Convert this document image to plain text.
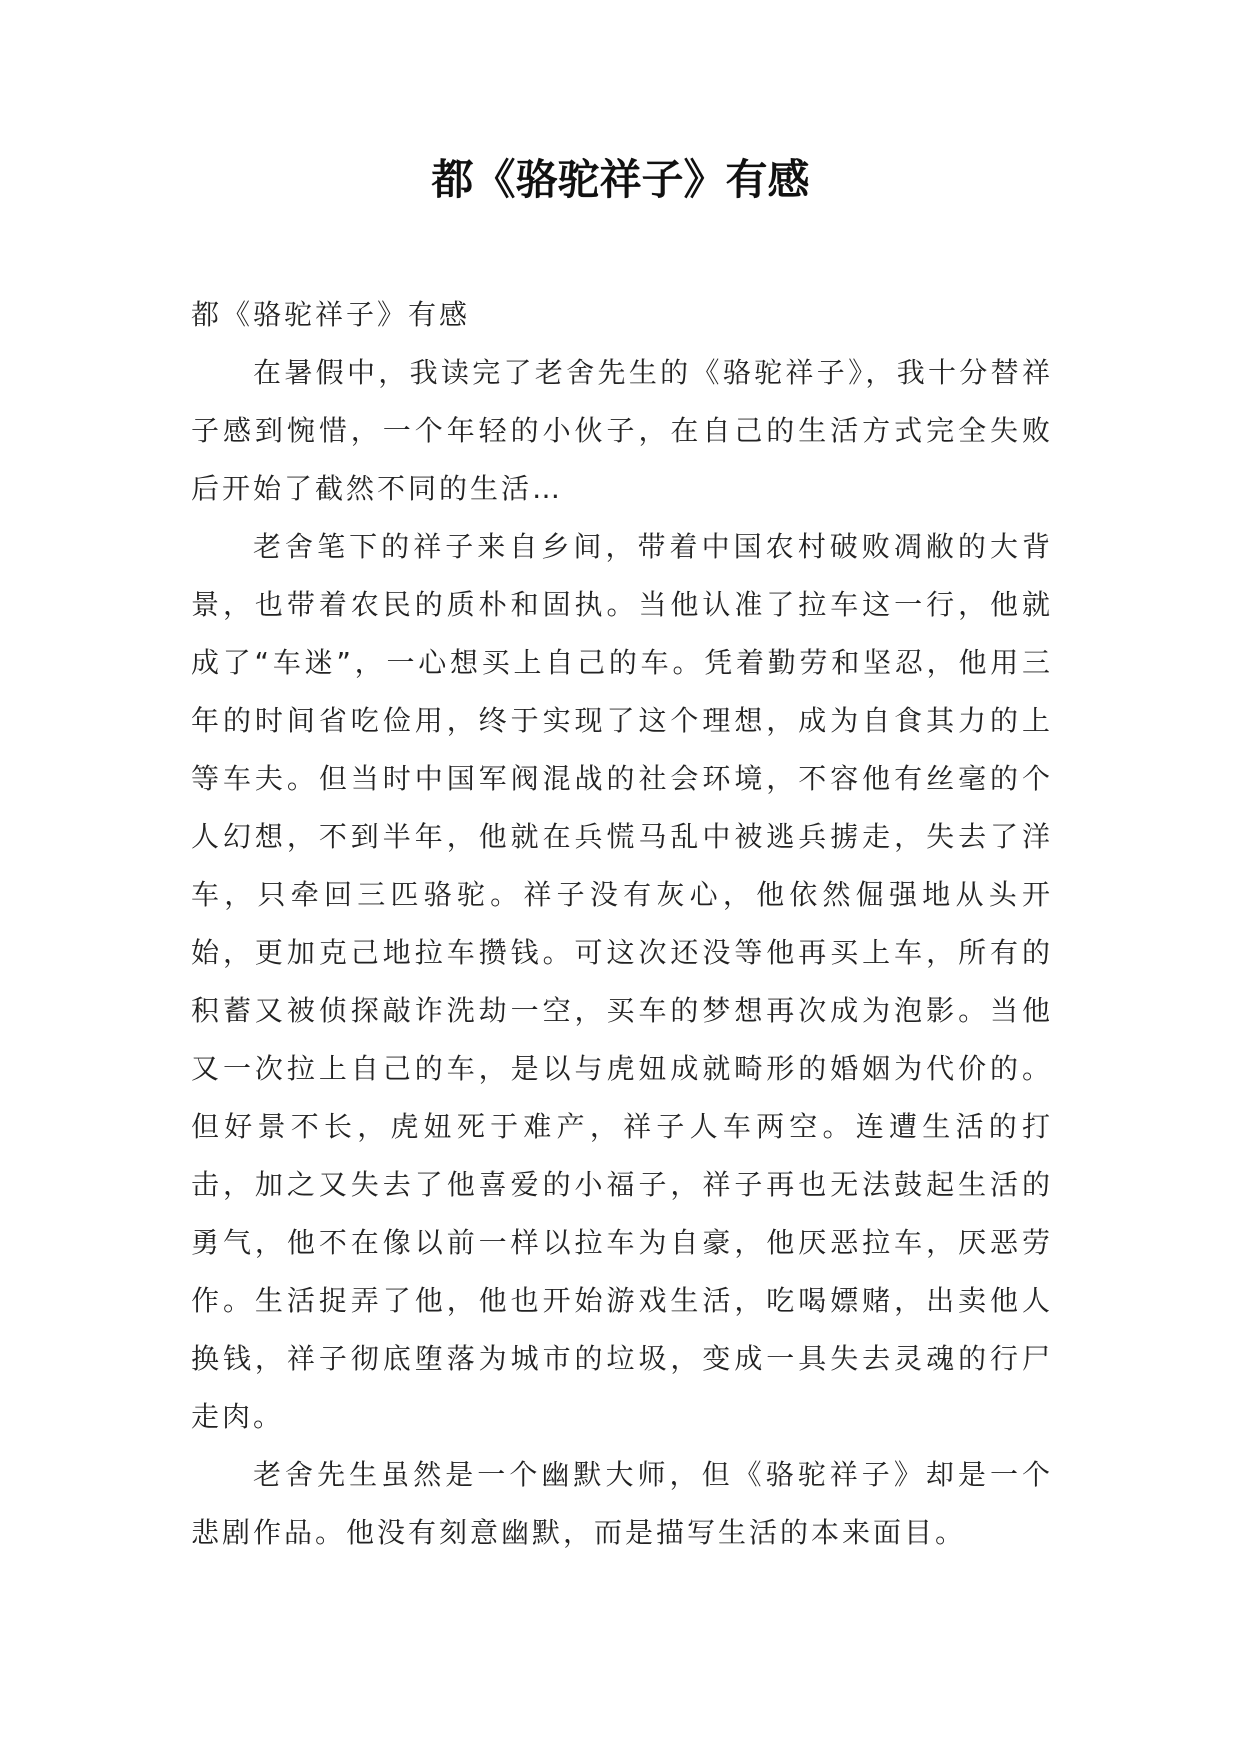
都《骆驼祥子》有感

都《骆驼祥子》有感

在暑假中，我读完了老舍先生的《骆驼祥子》，我十分替祥子感到惋惜，一个年轻的小伙子，在自己的生活方式完全失败后开始了截然不同的生活…

老舍笔下的祥子来自乡间，带着中国农村破败凋敝的大背景，也带着农民的质朴和固执。当他认准了拉车这一行，他就成了“车迷”，一心想买上自己的车。凭着勤劳和坚忍，他用三年的时间省吃俭用，终于实现了这个理想，成为自食其力的上等车夫。但当时中国军阀混战的社会环境，不容他有丝毫的个人幻想，不到半年，他就在兵慌马乱中被逃兵掳走，失去了洋车，只牵回三匹骆驼。祥子没有灰心，他依然倔强地从头开始，更加克己地拉车攒钱。可这次还没等他再买上车，所有的积蓄又被侦探敲诈洗劫一空，买车的梦想再次成为泡影。当他又一次拉上自己的车，是以与虎妞成就畸形的婚姻为代价的。但好景不长，虎妞死于难产，祥子人车两空。连遭生活的打击，加之又失去了他喜爱的小福子，祥子再也无法鼓起生活的勇气，他不在像以前一样以拉车为自豪，他厌恶拉车，厌恶劳作。生活捉弄了他，他也开始游戏生活，吃喝嫖赌，出卖他人换钱，祥子彻底堕落为城市的垃圾，变成一具失去灵魂的行尸走肉。

老舍先生虽然是一个幽默大师，但《骆驼祥子》却是一个悲剧作品。他没有刻意幽默，而是描写生活的本来面目。
